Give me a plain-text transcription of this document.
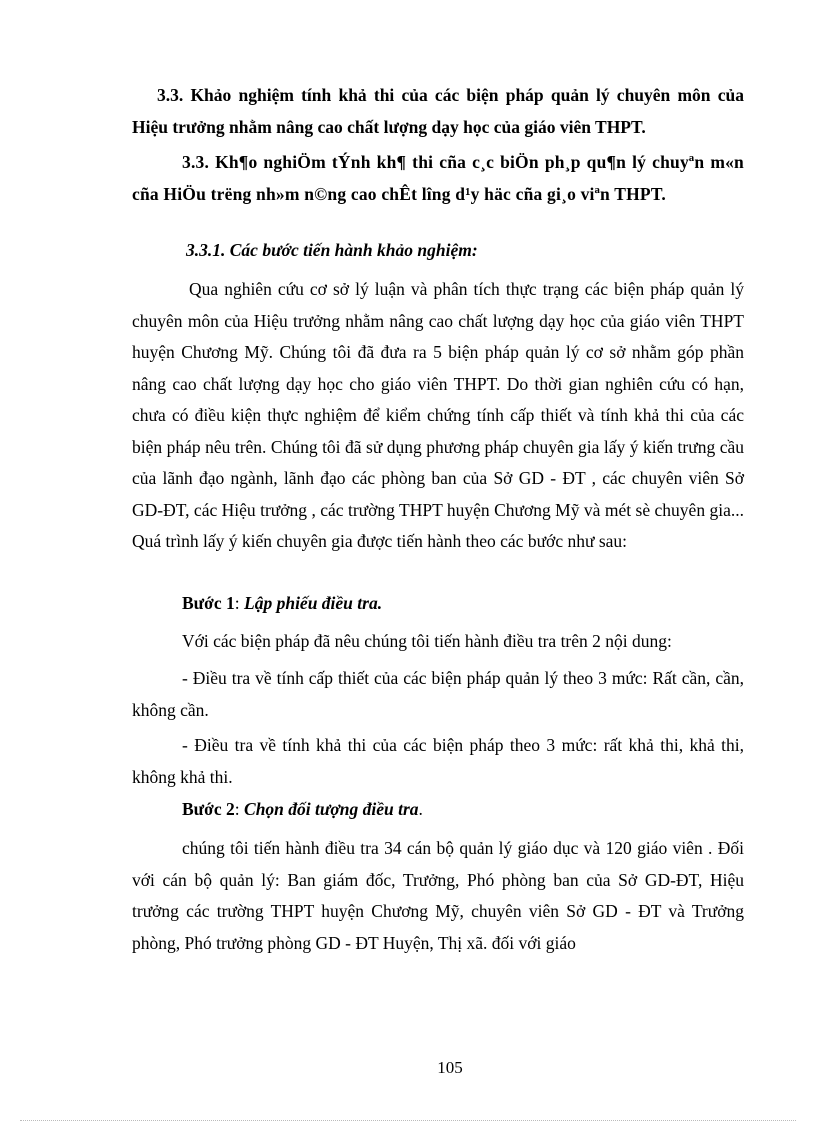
3.3. Khảo nghiệm tính khả thi của các biện pháp quản lý chuyên môn của Hiệu trưởng nhằm nâng cao chất lượng dạy học của giáo viên THPT.
3.3. Kh¶o nghiÖm tÝnh kh¶ thi cña c¸c biÖn ph¸p qu¶n lý chuyªn m«n cña HiÖu trëng nh»m n©ng cao chÊt lîng d¹y häc cña gi¸o viªn THPT.
3.3.1. Các bước tiến hành khảo nghiệm:
Qua nghiên cứu cơ sở lý luận và phân tích thực trạng các biện pháp quản lý chuyên môn của Hiệu trưởng nhằm nâng cao chất lượng dạy học của giáo viên THPT huyện Chương Mỹ. Chúng tôi đã đưa ra 5 biện pháp quản lý cơ sở nhằm góp phần nâng cao chất lượng dạy học cho giáo viên THPT. Do thời gian nghiên cứu có hạn, chưa có điều kiện thực nghiệm để kiểm chứng tính cấp thiết và tính khả thi của các biện pháp nêu trên. Chúng tôi đã sử dụng phương pháp chuyên gia lấy ý kiến trưng cầu của lãnh đạo ngành, lãnh đạo các phòng ban của Sở GD - ĐT , các chuyên viên Sở GD-ĐT, các Hiệu trưởng , các trường THPT huyện Chương Mỹ và mét sè chuyên gia... Quá trình lấy ý kiến chuyên gia được tiến hành theo các bước như sau:
Bước 1: Lập phiếu điều tra.
Với các biện pháp đã nêu chúng tôi tiến hành điều tra trên 2 nội dung:
- Điều tra về tính cấp thiết của các biện pháp quản lý theo 3 mức: Rất cần, cần, không cần.
- Điều tra về tính khả thi của các biện pháp theo 3 mức: rất khả thi, khả thi, không khả thi.
Bước 2: Chọn đối tượng điều tra.
chúng tôi tiến hành điều tra 34 cán bộ quản lý giáo dục và 120 giáo viên . Đối với cán bộ quản lý: Ban giám đốc, Trưởng, Phó phòng ban của Sở GD-ĐT, Hiệu trưởng các trường THPT huyện Chương Mỹ, chuyên viên Sở GD - ĐT và Trưởng phòng, Phó trưởng phòng GD - ĐT Huyện, Thị xã. đối với giáo
105
